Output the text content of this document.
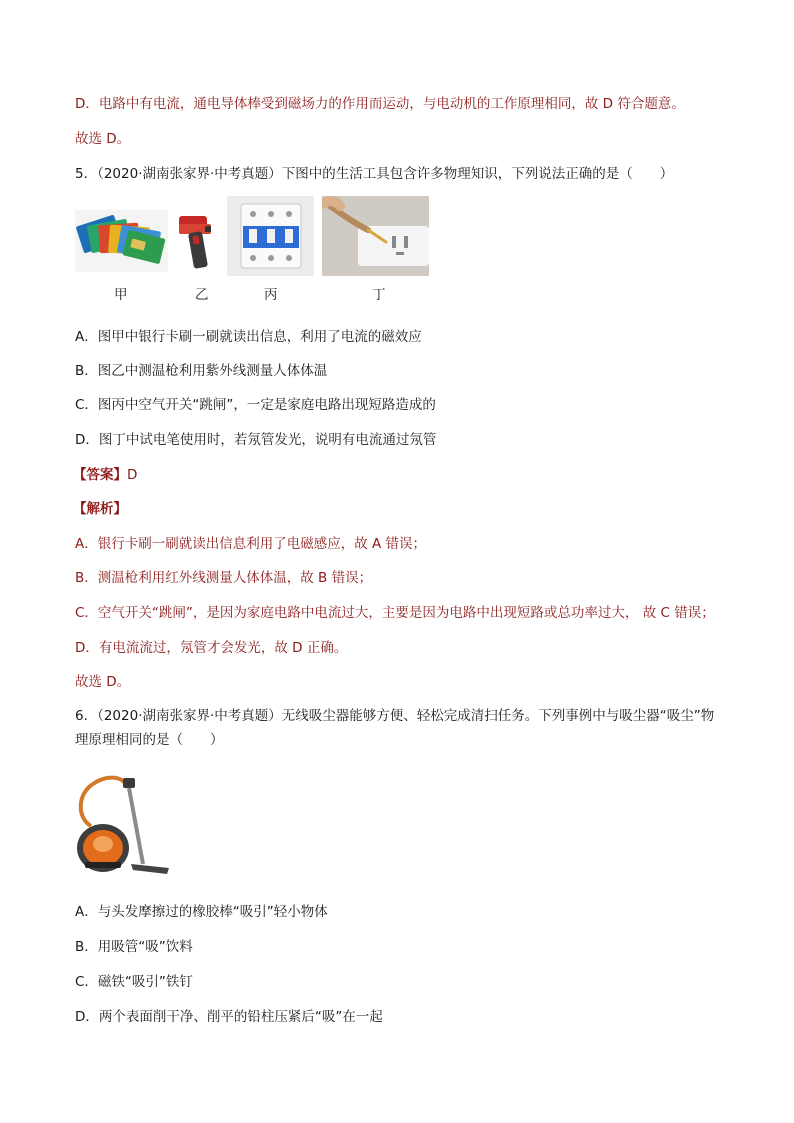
D．电路中有电流，通电导体棒受到磁场力的作用而运动，与电动机的工作原理相同，故 D 符合题意。
故选 D。
5．（2020·湖南张家界·中考真题）下图中的生活工具包含许多物理知识，下列说法正确的是（　　）
甲	乙	丙	丁
A．图甲中银行卡刷一刷就读出信息，利用了电流的磁效应
B．图乙中测温枪利用紫外线测量人体体温
C．图丙中空气开关“跳闸”，一定是家庭电路出现短路造成的
D．图丁中试电笔使用时，若氖管发光，说明有电流通过氖管
【答案】D
【解析】
A．银行卡刷一刷就读出信息利用了电磁感应，故 A 错误；
B．测温枪利用红外线测量人体体温，故 B 错误；
C．空气开关“跳闸”，是因为家庭电路中电流过大，主要是因为电路中出现短路或总功率过大， 故 C 错误；
D．有电流流过，氖管才会发光，故 D 正确。
故选 D。
6．（2020·湖南张家界·中考真题）无线吸尘器能够方便、轻松完成清扫任务。下列事例中与吸尘器“吸尘”物
理原理相同的是（　　）
A．与头发摩擦过的橡胶棒“吸引”轻小物体
B．用吸管“吸”饮料
C．磁铁“吸引”铁钉
D．两个表面削干净、削平的铅柱压紧后“吸”在一起
